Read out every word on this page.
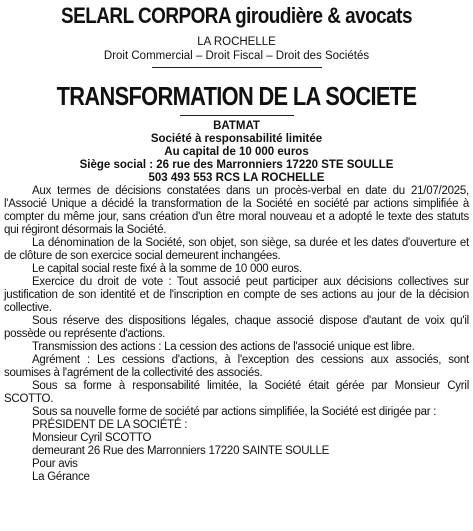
SELARL CORPORA giroudière & avocats
LA ROCHELLE
Droit Commercial – Droit Fiscal – Droit des Sociétés
TRANSFORMATION DE LA SOCIETE
BATMAT
Société à responsabilité limitée
Au capital de 10 000 euros
Siège social : 26 rue des Marronniers 17220 STE SOULLE
503 493 553 RCS LA ROCHELLE

Aux termes de décisions constatées dans un procès-verbal en date du 21/07/2025, l'Associé Unique a décidé la transformation de la Société en société par actions simplifiée à compter du même jour, sans création d'un être moral nouveau et a adopté le texte des statuts qui régiront désormais la Société.

La dénomination de la Société, son objet, son siège, sa durée et les dates d'ouverture et de clôture de son exercice social demeurent inchangées.

Le capital social reste fixé à la somme de 10 000 euros.

Exercice du droit de vote : Tout associé peut participer aux décisions collectives sur justification de son identité et de l'inscription en compte de ses actions au jour de la décision collective.

Sous réserve des dispositions légales, chaque associé dispose d'autant de voix qu'il possède ou représente d'actions.

Transmission des actions : La cession des actions de l'associé unique est libre.

Agrément : Les cessions d'actions, à l'exception des cessions aux associés, sont soumises à l'agrément de la collectivité des associés.

Sous sa forme à responsabilité limitée, la Société était gérée par Monsieur Cyril SCOTTO.

Sous sa nouvelle forme de société par actions simplifiée, la Société est dirigée par :

PRÉSIDENT DE LA SOCIÉTÉ :

Monsieur Cyril SCOTTO

demeurant 26 Rue des Marronniers 17220 SAINTE SOULLE

Pour avis

La Gérance
